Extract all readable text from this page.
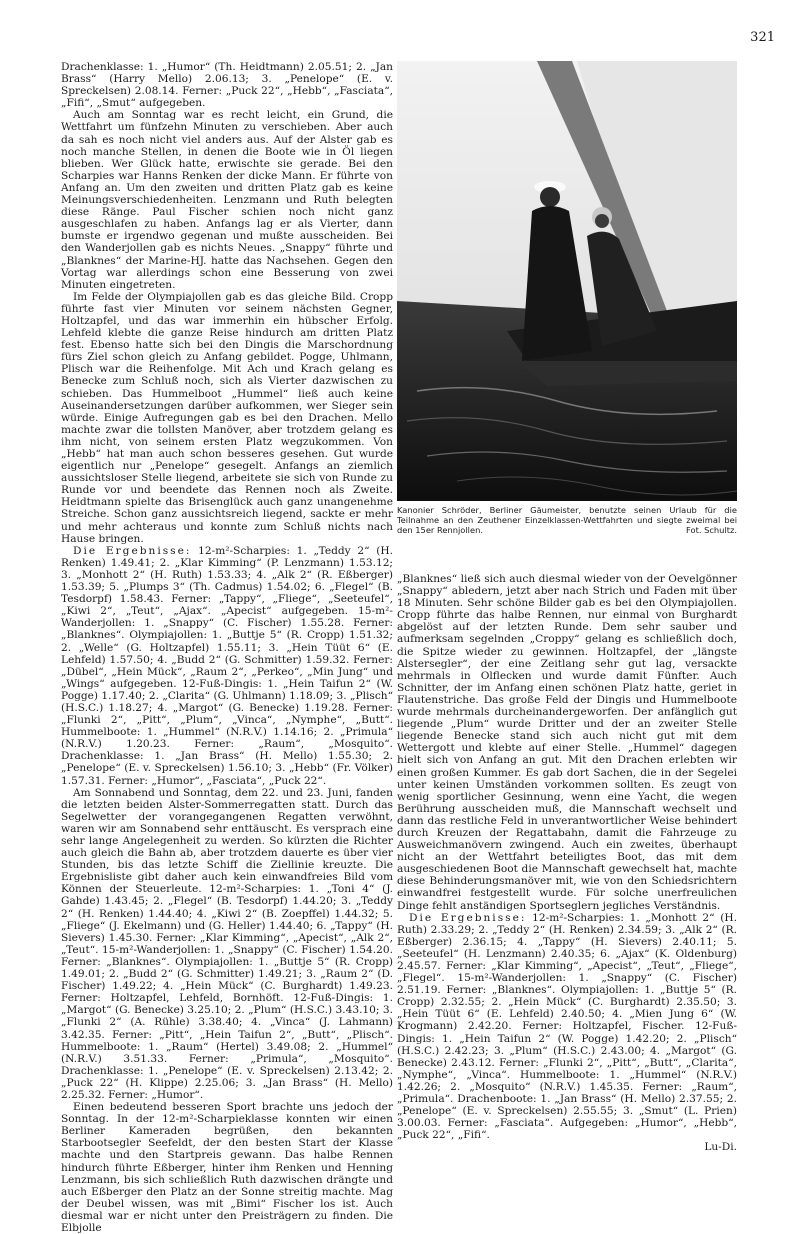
321

Drachenklasse: 1. „Humor“ (Th. Heidtmann) 2.05.51; 2. „Jan Brass“ (Harry Mello) 2.06.13; 3. „Penelope“ (E. v. Spreckelsen) 2.08.14. Ferner: „Puck 22“, „Hebb“, „Fasciata“, „Fifi“, „Smut“ aufgegeben.

Auch am Sonntag war es recht leicht, ein Grund, die Wettfahrt um fünfzehn Minuten zu verschieben. Aber auch da sah es noch nicht viel anders aus. Auf der Alster gab es noch manche Stellen, in denen die Boote wie in Öl liegen blieben. Wer Glück hatte, erwischte sie gerade. Bei den Scharpies war Hanns Renken der dicke Mann. Er führte von Anfang an. Um den zweiten und dritten Platz gab es keine Meinungsverschiedenheiten. Lenzmann und Ruth belegten diese Ränge. Paul Fischer schien noch nicht ganz ausgeschlafen zu haben. Anfangs lag er als Vierter, dann bumste er irgendwo gegenan und mußte ausscheiden. Bei den Wanderjollen gab es nichts Neues. „Snappy“ führte und „Blanknes“ der Marine-HJ. hatte das Nachsehen. Gegen den Vortag war allerdings schon eine Besserung von zwei Minuten eingetreten.

Im Felde der Olympiajollen gab es das gleiche Bild. Cropp führte fast vier Minuten vor seinem nächsten Gegner, Holtzapfel, und das war immerhin ein hübscher Erfolg. Lehfeld klebte die ganze Reise hindurch am dritten Platz fest. Ebenso hatte sich bei den Dingis die Marschordnung fürs Ziel schon gleich zu Anfang gebildet. Pogge, Uhlmann, Plisch war die Reihenfolge. Mit Ach und Krach gelang es Benecke zum Schluß noch, sich als Vierter dazwischen zu schieben. Das Hummelboot „Hummel“ ließ auch keine Auseinandersetzungen darüber aufkommen, wer Sieger sein würde. Einige Aufregungen gab es bei den Drachen. Mello machte zwar die tollsten Manöver, aber trotzdem gelang es ihm nicht, von seinem ersten Platz wegzukommen. Von „Hebb“ hat man auch schon besseres gesehen. Gut wurde eigentlich nur „Penelope“ gesegelt. Anfangs an ziemlich aussichtsloser Stelle liegend, arbeitete sie sich von Runde zu Runde vor und beendete das Rennen noch als Zweite. Heidtmann spielte das Brisenglück auch ganz unangenehme Streiche. Schon ganz aussichtsreich liegend, sackte er mehr und mehr achteraus und konnte zum Schluß nichts nach Hause bringen.

Die Ergebnisse: 12-m²-Scharpies: 1. „Teddy 2“ (H. Renken) 1.49.41; 2. „Klar Kimming“ (P. Lenzmann) 1.53.12; 3. „Monhott 2“ (H. Ruth) 1.53.33; 4. „Alk 2“ (R. Eßberger) 1.53.39; 5. „Plumps 3“ (Th. Cadmus) 1.54.02; 6. „Flegel“ (B. Tesdorpf) 1.58.43. Ferner: „Tappy“, „Fliege“, „Seeteufel“, „Kiwi 2“, „Teut“, „Ajax“. „Apecist“ aufgegeben. 15-m²-Wanderjollen: 1. „Snappy“ (C. Fischer) 1.55.28. Ferner: „Blanknes“. Olympiajollen: 1. „Buttje 5“ (R. Cropp) 1.51.32; 2. „Welle“ (G. Holtzapfel) 1.55.11; 3. „Hein Tüüt 6“ (E. Lehfeld) 1.57.50; 4. „Budd 2“ (G. Schmitter) 1.59.32. Ferner: „Dübel“, „Hein Mück“, „Raum 2“, „Perkeo“, „Min Jung“ und „Wings“ aufgegeben. 12-Fuß-Dingis: 1. „Hein Taifun 2“ (W. Pogge) 1.17.40; 2. „Clarita“ (G. Uhlmann) 1.18.09; 3. „Plisch“ (H.S.C.) 1.18.27; 4. „Margot“ (G. Benecke) 1.19.28. Ferner: „Flunki 2“, „Pitt“, „Plum“, „Vinca“, „Nymphe“, „Butt“. Hummelboote: 1. „Hummel“ (N.R.V.) 1.14.16; 2. „Primula“ (N.R.V.) 1.20.23. Ferner: „Raum“, „Mosquito“. Drachenklasse: 1. „Jan Brass“ (H. Mello) 1.55.30; 2. „Penelope“ (E. v. Spreckelsen) 1.56.10; 3. „Hebb“ (Fr. Völker) 1.57.31. Ferner: „Humor“, „Fasciata“, „Puck 22“.

Am Sonnabend und Sonntag, dem 22. und 23. Juni, fanden die letzten beiden Alster-Sommerregatten statt. Durch das Segelwetter der vorangegangenen Regatten verwöhnt, waren wir am Sonnabend sehr enttäuscht. Es versprach eine sehr lange Angelegenheit zu werden. So kürzten die Richter auch gleich die Bahn ab, aber trotzdem dauerte es über vier Stunden, bis das letzte Schiff die Ziellinie kreuzte. Die Ergebnisliste gibt daher auch kein einwandfreies Bild vom Können der Steuerleute. 12-m²-Scharpies: 1. „Toni 4“ (J. Gahde) 1.43.45; 2. „Flegel“ (B. Tesdorpf) 1.44.20; 3. „Teddy 2“ (H. Renken) 1.44.40; 4. „Kiwi 2“ (B. Zoepffel) 1.44.32; 5. „Fliege“ (J. Ekelmann) und (G. Heller) 1.44.40; 6. „Tappy“ (H. Sievers) 1.45.30. Ferner: „Klar Kimming“, „Apecist“, „Alk 2“, „Teut“. 15-m²-Wanderjollen: 1. „Snappy“ (C. Fischer) 1.54.20. Ferner: „Blanknes“. Olympiajollen: 1. „Buttje 5“ (R. Cropp) 1.49.01; 2. „Budd 2“ (G. Schmitter) 1.49.21; 3. „Raum 2“ (D. Fischer) 1.49.22; 4. „Hein Mück“ (C. Burghardt) 1.49.23. Ferner: Holtzapfel, Lehfeld, Bornhöft. 12-Fuß-Dingis: 1. „Margot“ (G. Benecke) 3.25.10; 2. „Plum“ (H.S.C.) 3.43.10; 3. „Flunki 2“ (A. Rühle) 3.38.40; 4. „Vinca“ (J. Lahmann) 3.42.35. Ferner: „Pitt“, „Hein Taifun 2“, „Butt“, „Plisch“. Hummelboote: 1. „Raum“ (Hertel) 3.49.08; 2. „Hummel“ (N.R.V.) 3.51.33. Ferner: „Primula“, „Mosquito“. Drachenklasse: 1. „Penelope“ (E. v. Spreckelsen) 2.13.42; 2. „Puck 22“ (H. Klippe) 2.25.06; 3. „Jan Brass“ (H. Mello) 2.25.32. Ferner: „Humor“.

Einen bedeutend besseren Sport brachte uns jedoch der Sonntag. In der 12-m²-Scharpieklasse konnten wir einen Berliner Kameraden begrüßen, den bekannten Starbootsegler Seefeldt, der den besten Start der Klasse machte und den Startpreis gewann. Das halbe Rennen hindurch führte Eßberger, hinter ihm Renken und Henning Lenzmann, bis sich schließlich Ruth dazwischen drängte und auch Eßberger den Platz an der Sonne streitig machte. Mag der Deubel wissen, was mit „Bimi“ Fischer los ist. Auch diesmal war er nicht unter den Preisträgern zu finden. Die Elbjolle

Kanonier Schröder, Berliner Gäumeister, benutzte seinen Urlaub für die Teilnahme an den Zeuthener Einzelklassen-Wettfahrten und siegte zweimal bei den 15er Rennjollen.	Fot. Schultz.

„Blanknes“ ließ sich auch diesmal wieder von der Oevelgönner „Snappy“ abledern, jetzt aber nach Strich und Faden mit über 18 Minuten. Sehr schöne Bilder gab es bei den Olympiajollen. Cropp führte das halbe Rennen, nur einmal von Burghardt abgelöst auf der letzten Runde. Dem sehr sauber und aufmerksam segelnden „Croppy“ gelang es schließlich doch, die Spitze wieder zu gewinnen. Holtzapfel, der „längste Alstersegler“, der eine Zeitlang sehr gut lag, versackte mehrmals in Olflecken und wurde damit Fünfter. Auch Schnitter, der im Anfang einen schönen Platz hatte, geriet in Flautenstriche. Das große Feld der Dingis und Hummelboote wurde mehrmals durcheinandergeworfen. Der anfänglich gut liegende „Plum“ wurde Dritter und der an zweiter Stelle liegende Benecke stand sich auch nicht gut mit dem Wettergott und klebte auf einer Stelle. „Hummel“ dagegen hielt sich von Anfang an gut. Mit den Drachen erlebten wir einen großen Kummer. Es gab dort Sachen, die in der Segelei unter keinen Umständen vorkommen sollten. Es zeugt von wenig sportlicher Gesinnung, wenn eine Yacht, die wegen Berührung ausscheiden muß, die Mannschaft wechselt und dann das restliche Feld in unverantwortlicher Weise behindert durch Kreuzen der Regattabahn, damit die Fahrzeuge zu Ausweichmanövern zwingend. Auch ein zweites, überhaupt nicht an der Wettfahrt beteiligtes Boot, das mit dem ausgeschiedenen Boot die Mannschaft gewechselt hat, machte diese Behinderungsmanöver mit, wie von den Schiedsrichtern einwandfrei festgestellt wurde. Für solche unerfreulichen Dinge fehlt anständigen Sportseglern jegliches Verständnis.

Die Ergebnisse: 12-m²-Scharpies: 1. „Monhott 2“ (H. Ruth) 2.33.29; 2. „Teddy 2“ (H. Renken) 2.34.59; 3. „Alk 2“ (R. Eßberger) 2.36.15; 4. „Tappy“ (H. Sievers) 2.40.11; 5. „Seeteufel“ (H. Lenzmann) 2.40.35; 6. „Ajax“ (K. Oldenburg) 2.45.57. Ferner: „Klar Kimming“, „Apecist“, „Teut“, „Fliege“, „Flegel“. 15-m²-Wanderjollen: 1. „Snappy“ (C. Fischer) 2.51.19. Ferner: „Blanknes“. Olympiajollen: 1. „Buttje 5“ (R. Cropp) 2.32.55; 2. „Hein Mück“ (C. Burghardt) 2.35.50; 3. „Hein Tüüt 6“ (E. Lehfeld) 2.40.50; 4. „Mien Jung 6“ (W. Krogmann) 2.42.20. Ferner: Holtzapfel, Fischer. 12-Fuß-Dingis: 1. „Hein Taifun 2“ (W. Pogge) 1.42.20; 2. „Plisch“ (H.S.C.) 2.42.23; 3. „Plum“ (H.S.C.) 2.43.00; 4. „Margot“ (G. Benecke) 2.43.12. Ferner: „Flunki 2“, „Pitt“, „Butt“, „Clarita“, „Nymphe“, „Vinca“. Hummelboote: 1. „Hummel“ (N.R.V.) 1.42.26; 2. „Mosquito“ (N.R.V.) 1.45.35. Ferner: „Raum“, „Primula“. Drachenboote: 1. „Jan Brass“ (H. Mello) 2.37.55; 2. „Penelope“ (E. v. Spreckelsen) 2.55.55; 3. „Smut“ (L. Prien) 3.00.03. Ferner: „Fasciata“. Aufgegeben: „Humor“, „Hebb“, „Puck 22“, „Fifi“.

Lu-Di.
